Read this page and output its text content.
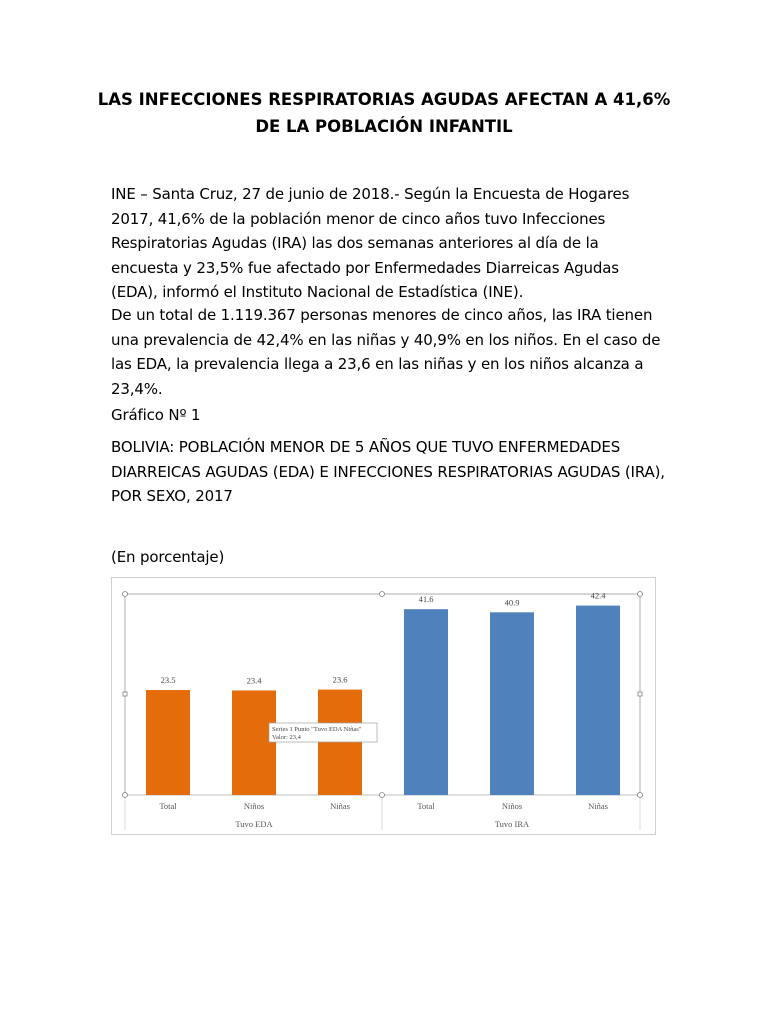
LAS INFECCIONES RESPIRATORIAS AGUDAS AFECTAN A 41,6%
DE LA POBLACIÓN INFANTIL
INE – Santa Cruz, 27 de junio de 2018.- Según la Encuesta de Hogares
2017, 41,6% de la población menor de cinco años tuvo Infecciones
Respiratorias Agudas (IRA) las dos semanas anteriores al día de la
encuesta y 23,5% fue afectado por Enfermedades Diarreicas Agudas
(EDA), informó el Instituto Nacional de Estadística (INE).
De un total de 1.119.367 personas menores de cinco años, las IRA tienen
una prevalencia de 42,4% en las niñas y 40,9% en los niños. En el caso de
las EDA, la prevalencia llega a 23,6 en las niñas y en los niños alcanza a
23,4%.
Gráfico Nº 1
BOLIVIA: POBLACIÓN MENOR DE 5 AÑOS QUE TUVO ENFERMEDADES
DIARREICAS AGUDAS (EDA) E INFECCIONES RESPIRATORIAS AGUDAS (IRA),
POR SEXO, 2017
(En porcentaje)
23.5
Total
23.4
Niños
23.6
Niñas
41.6
Total
40.9
Niños
42.4
Niñas
Tuvo EDA	Tuvo IRA
Series 1 Punto "Tuvo EDA Niñas"
Valor: 23,4
